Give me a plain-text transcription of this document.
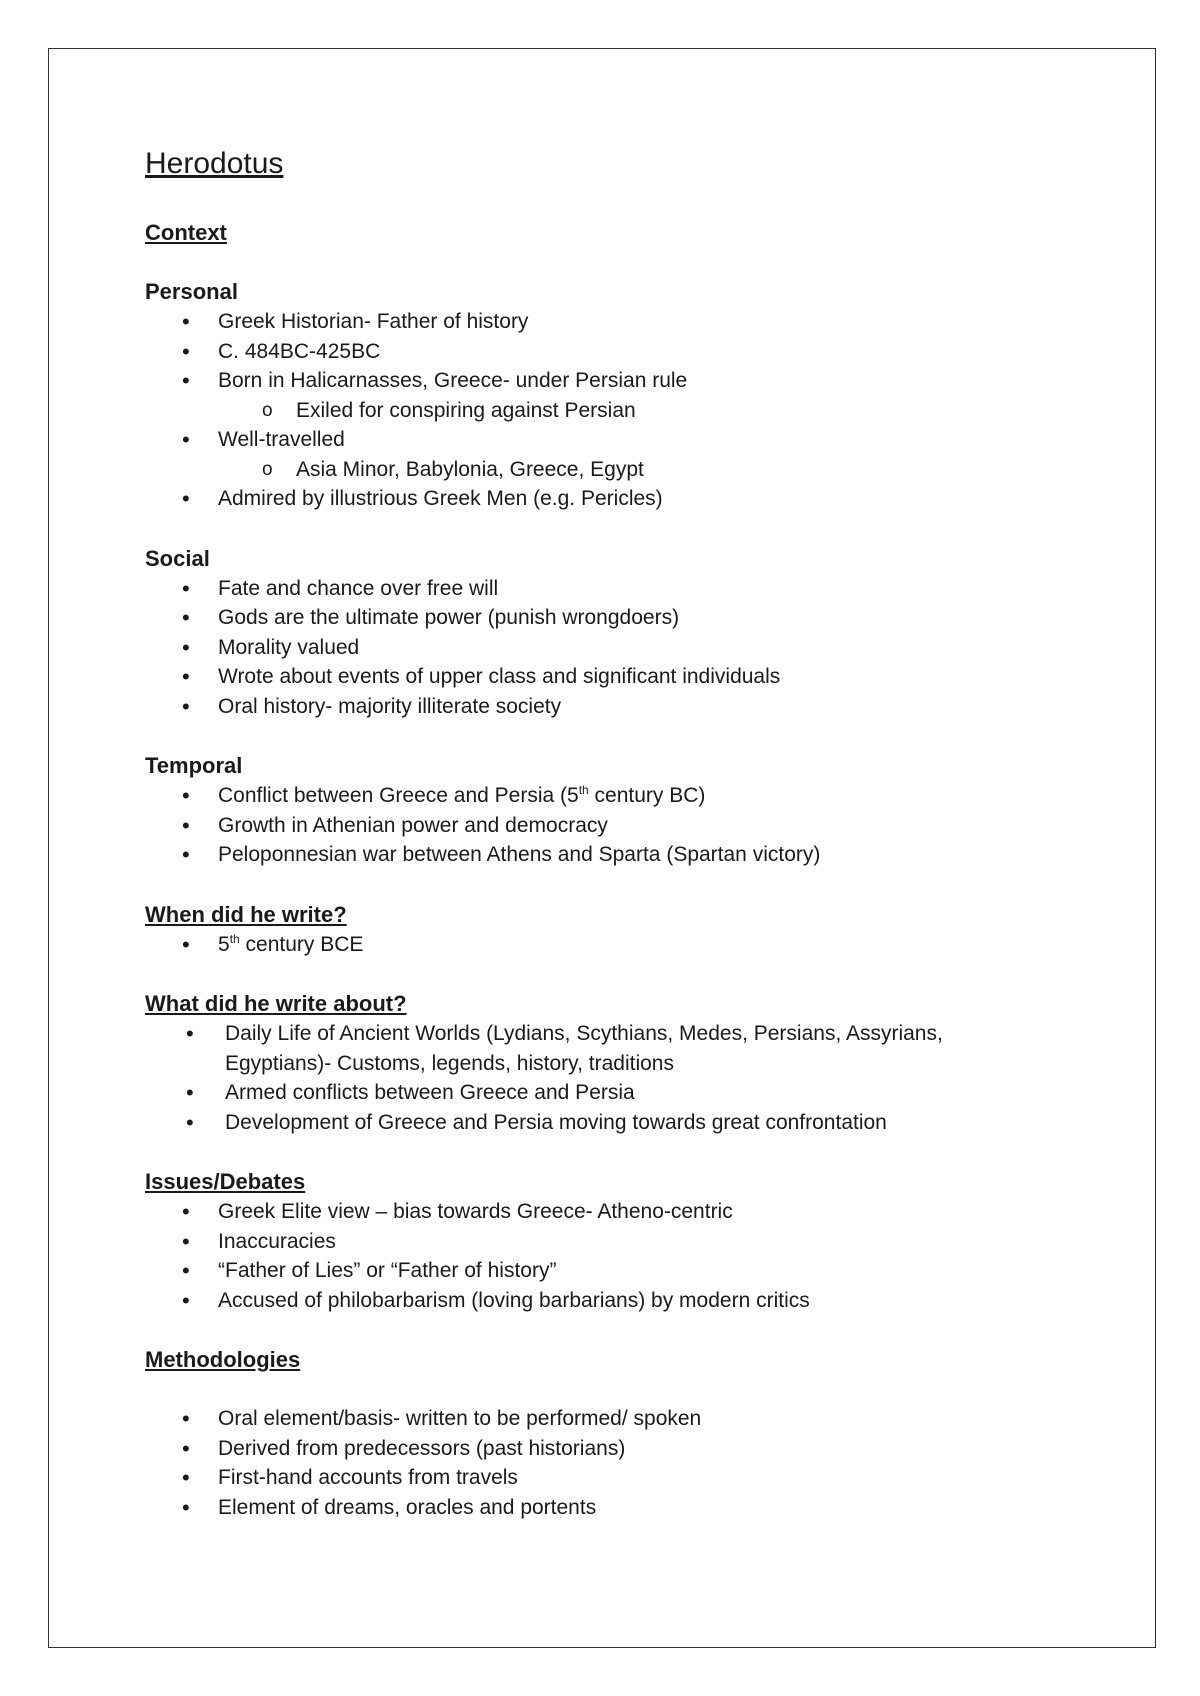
Herodotus
Context
Personal
• Greek Historian- Father of history
• C. 484BC-425BC
• Born in Halicarnasses, Greece- under Persian rule
o Exiled for conspiring against Persian
• Well-travelled
o Asia Minor, Babylonia, Greece, Egypt
• Admired by illustrious Greek Men (e.g. Pericles)
Social
• Fate and chance over free will
• Gods are the ultimate power (punish wrongdoers)
• Morality valued
• Wrote about events of upper class and significant individuals
• Oral history- majority illiterate society
Temporal
• Conflict between Greece and Persia (5th century BC)
• Growth in Athenian power and democracy
• Peloponnesian war between Athens and Sparta (Spartan victory)
When did he write?
• 5th century BCE
What did he write about?
• Daily Life of Ancient Worlds (Lydians, Scythians, Medes, Persians, Assyrians, Egyptians)- Customs, legends, history, traditions
• Armed conflicts between Greece and Persia
• Development of Greece and Persia moving towards great confrontation
Issues/Debates
• Greek Elite view – bias towards Greece- Atheno-centric
• Inaccuracies
• “Father of Lies” or “Father of history”
• Accused of philobarbarism (loving barbarians) by modern critics
Methodologies
• Oral element/basis- written to be performed/ spoken
• Derived from predecessors (past historians)
• First-hand accounts from travels
• Element of dreams, oracles and portents
